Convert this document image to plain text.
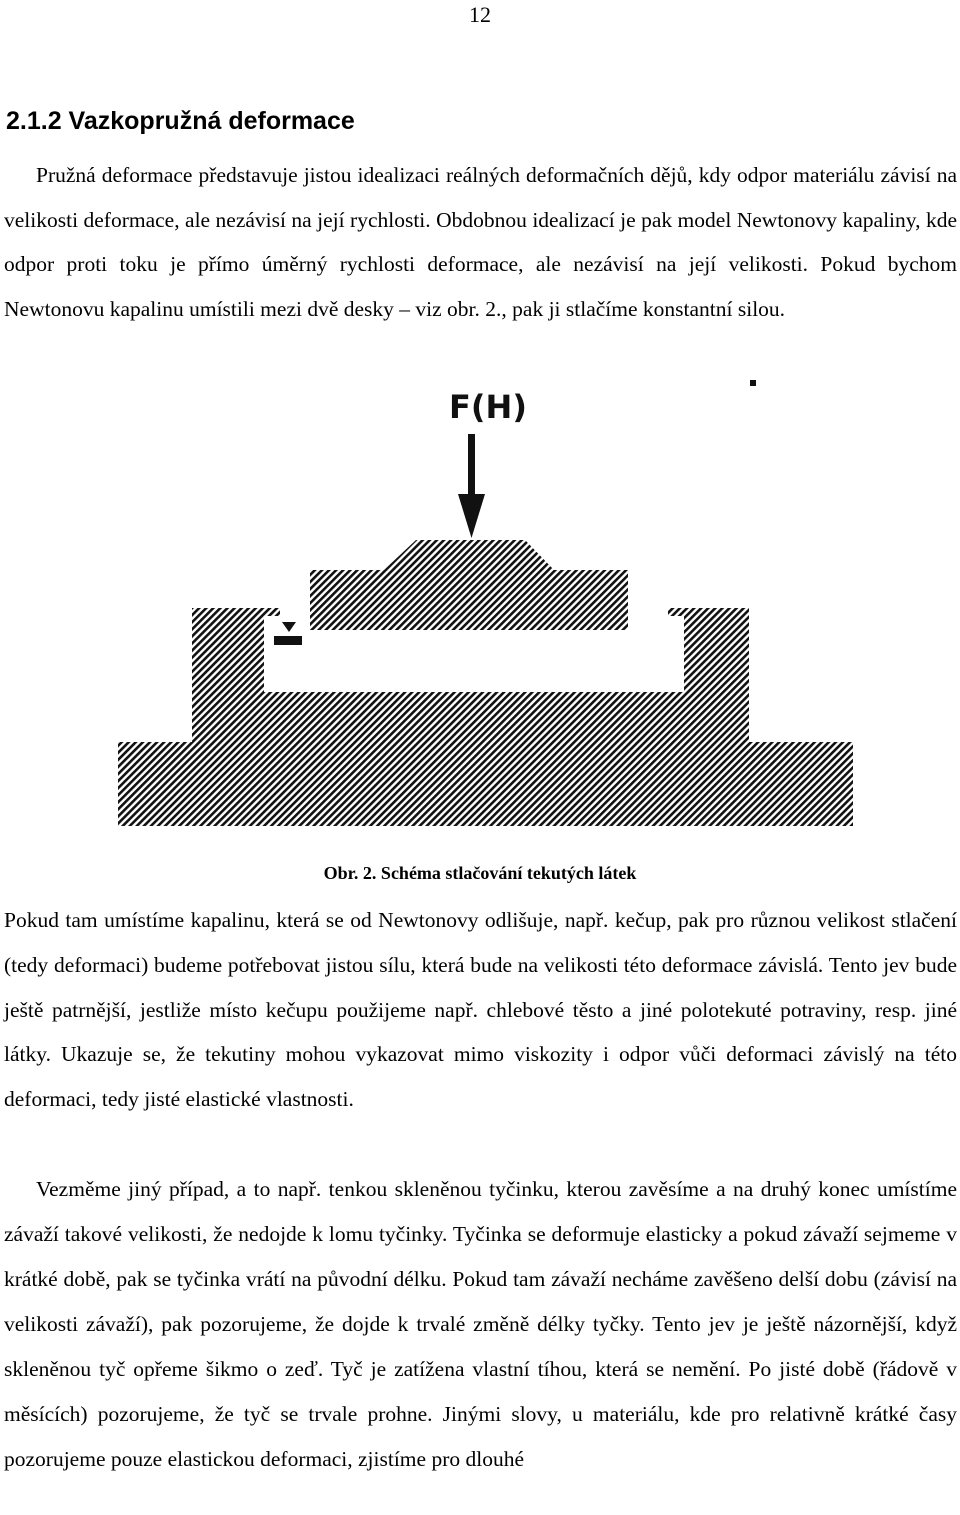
12
2.1.2 Vazkopružná deformace

Pružná deformace představuje jistou idealizaci reálných deformačních dějů, kdy odpor materiálu závisí na velikosti deformace, ale nezávisí na její rychlosti. Obdobnou idealizací je pak model Newtonovy kapaliny, kde odpor proti toku je přímo úměrný rychlosti deformace, ale nezávisí na její velikosti. Pokud bychom Newtonovu kapalinu umístili mezi dvě desky – viz obr. 2., pak ji stlačíme konstantní silou.

F(H)
Obr. 2. Schéma stlačování tekutých látek

Pokud tam umístíme kapalinu, která se od Newtonovy odlišuje, např. kečup, pak pro různou velikost stlačení (tedy deformaci) budeme potřebovat jistou sílu, která bude na velikosti této deformace závislá. Tento jev bude ještě patrnější, jestliže místo kečupu použijeme např. chlebové těsto a jiné polotekuté potraviny, resp. jiné látky. Ukazuje se, že tekutiny mohou vykazovat mimo viskozity i odpor vůči deformaci závislý na této deformaci, tedy jisté elastické vlastnosti.

Vezměme jiný případ, a to např. tenkou skleněnou tyčinku, kterou zavěsíme a na druhý konec umístíme závaží takové velikosti, že nedojde k lomu tyčinky. Tyčinka se deformuje elasticky a pokud závaží sejmeme v krátké době, pak se tyčinka vrátí na původní délku. Pokud tam závaží necháme zavěšeno delší dobu (závisí na velikosti závaží), pak pozorujeme, že dojde k trvalé změně délky tyčky. Tento jev je ještě názornější, když skleněnou tyč opřeme šikmo o zeď. Tyč je zatížena vlastní tíhou, která se nemění. Po jisté době (řádově v měsících) pozorujeme, že tyč se trvale prohne. Jinými slovy, u materiálu, kde pro relativně krátké časy pozorujeme pouze elastickou deformaci, zjistíme pro dlouhé
